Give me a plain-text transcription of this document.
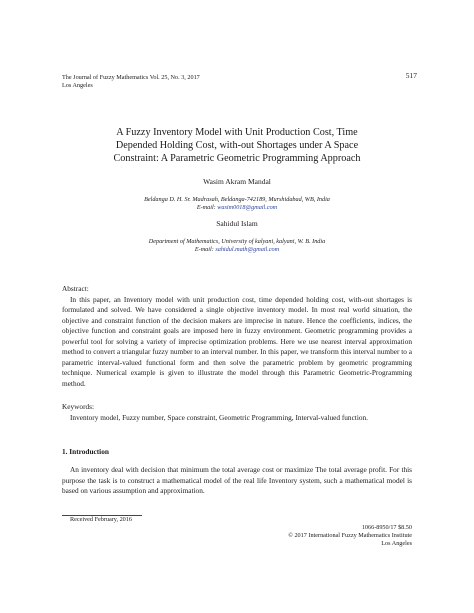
The Journal of Fuzzy Mathematics Vol. 25, No. 3, 2017
Los Angeles
517
A Fuzzy Inventory Model with Unit Production Cost, Time
Depended Holding Cost, with-out Shortages under A Space
Constraint: A Parametric Geometric Programming Approach
Wasim Akram Mandal
Beldanga D. H. Sr. Madrasah, Beldanga-742189, Murshidabad, WB, India
E-mail: wasim0018@gmail.com
Sahidul Islam
Department of Mathematics, University of kalyani, kalyani, W. B. India
E-mail: sahidul.math@gmail.com
Abstract:
In this paper, an Inventory model with unit production cost, time depended holding cost, with-out shortages is formulated and solved. We have considered a single objective inventory model. In most real world situation, the objective and constraint function of the decision makers are imprecise in nature. Hence the coefficients, indices, the objective function and constraint goals are imposed here in fuzzy environment. Geometric programming provides a powerful tool for solving a variety of imprecise optimization problems. Here we use nearest interval approximation method to convert a triangular fuzzy number to an interval number. In this paper, we transform this interval number to a parametric interval-valued functional form and then solve the parametric problem by geometric programming technique. Numerical example is given to illustrate the model through this Parametric Geometric-Programming method.
Keywords:
Inventory model, Fuzzy number, Space constraint, Geometric Programming, Interval-valued function.
1. Introduction
An inventory deal with decision that minimum the total average cost or maximize The total average profit. For this purpose the task is to construct a mathematical model of the real life Inventory system, such a mathematical model is based on various assumption and approximation.
Received February, 2016
1066-8950/17 $8.50
© 2017 International Fuzzy Mathematics Institute
Los Angeles
